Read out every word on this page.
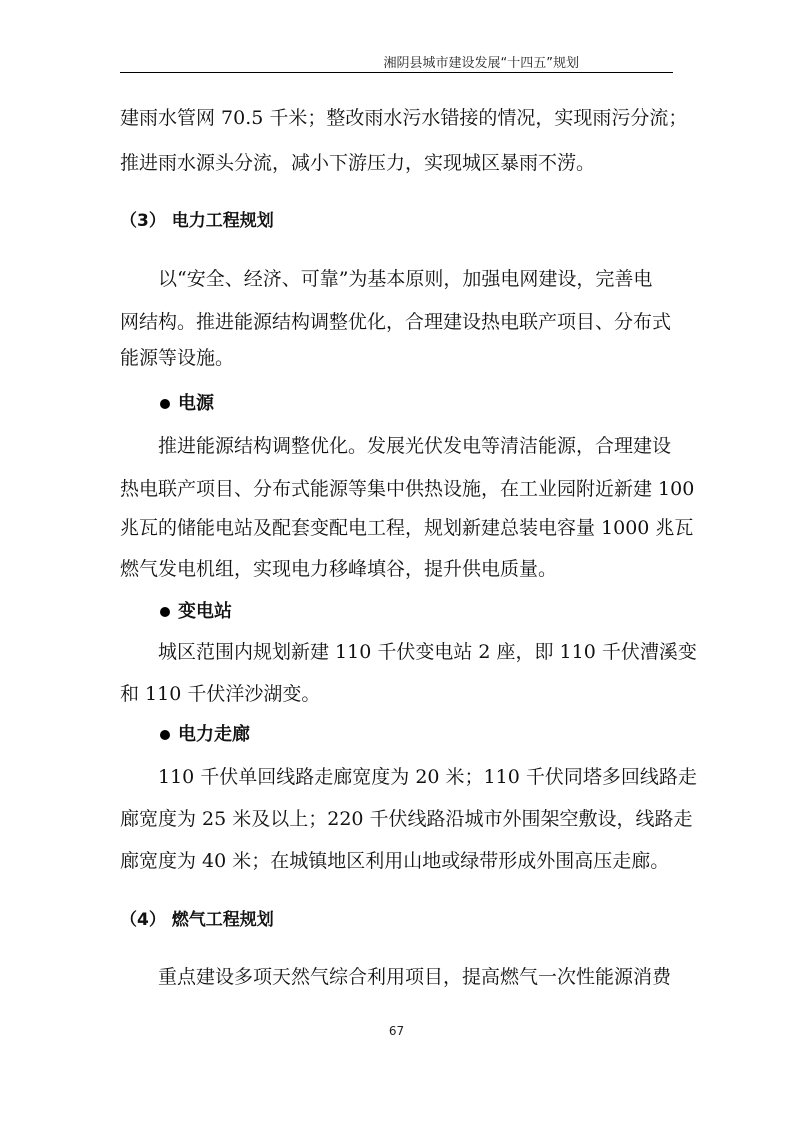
湘阴县城市建设发展“十四五”规划
建雨水管网 70.5 千米；整改雨水污水错接的情况，实现雨污分流；
推进雨水源头分流，减小下游压力，实现城区暴雨不涝。
（3） 电力工程规划
以“安全、经济、可靠”为基本原则，加强电网建设，完善电
网结构。推进能源结构调整优化，合理建设热电联产项目、分布式
能源等设施。
电源
推进能源结构调整优化。发展光伏发电等清洁能源，合理建设
热电联产项目、分布式能源等集中供热设施，在工业园附近新建 100
兆瓦的储能电站及配套变配电工程，规划新建总装电容量 1000 兆瓦
燃气发电机组，实现电力移峰填谷，提升供电质量。
变电站
城区范围内规划新建 110 千伏变电站 2 座，即 110 千伏漕溪变
和 110 千伏洋沙湖变。
电力走廊
110 千伏单回线路走廊宽度为 20 米；110 千伏同塔多回线路走
廊宽度为 25 米及以上；220 千伏线路沿城市外围架空敷设，线路走
廊宽度为 40 米；在城镇地区利用山地或绿带形成外围高压走廊。
（4） 燃气工程规划
重点建设多项天然气综合利用项目，提高燃气一次性能源消费
67
